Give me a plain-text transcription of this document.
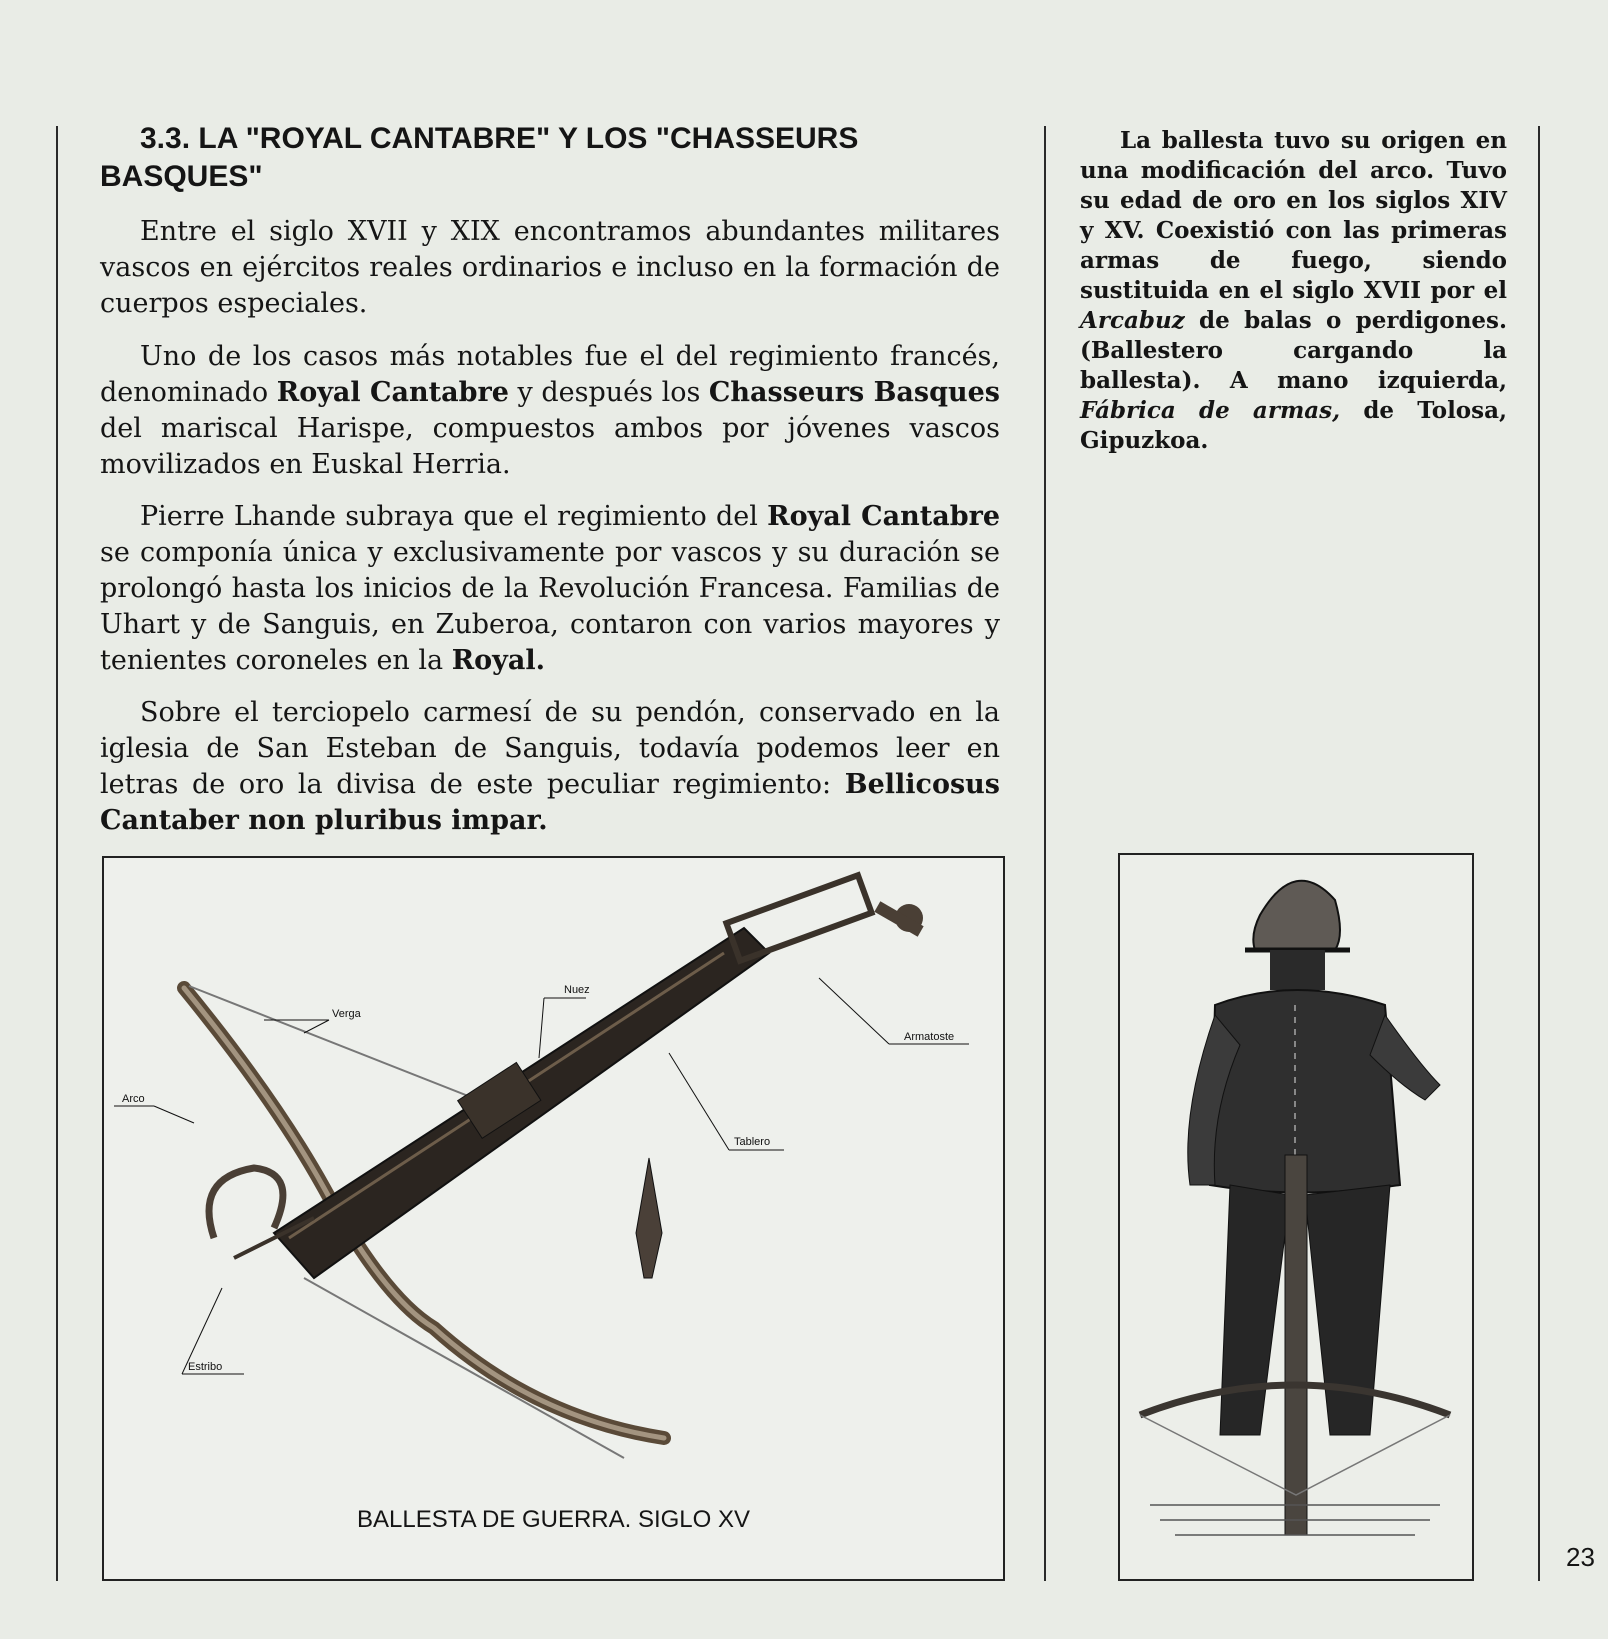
3.3. LA "ROYAL CANTABRE" Y LOS "CHASSEURS BASQUES"

Entre el siglo XVII y XIX encontramos abundantes militares vascos en ejércitos reales ordinarios e incluso en la formación de cuerpos especiales.

Uno de los casos más notables fue el del regimiento francés, denominado Royal Cantabre y después los Chasseurs Basques del mariscal Harispe, compuestos ambos por jóvenes vascos movilizados en Euskal Herria.

Pierre Lhande subraya que el regimiento del Royal Cantabre se componía única y exclusivamente por vascos y su duración se prolongó hasta los inicios de la Revolución Francesa. Familias de Uhart y de Sanguis, en Zuberoa, contaron con varios mayores y tenientes coroneles en la Royal.

Sobre el terciopelo carmesí de su pendón, conservado en la iglesia de San Esteban de Sanguis, todavía podemos leer en letras de oro la divisa de este peculiar regimiento: Bellicosus Cantaber non pluribus impar.

La ballesta tuvo su origen en una modificación del arco. Tuvo su edad de oro en los siglos XIV y XV. Coexistió con las primeras armas de fuego, siendo sustituida en el siglo XVII por el Arcabuz de balas o perdigones. (Ballestero cargando la ballesta). A mano izquierda, Fábrica de armas, de Tolosa, Gipuzkoa.

Nuez
Verga
Armatoste
Arco
Tablero
Estribo
BALLESTA DE GUERRA. SIGLO XV
23
